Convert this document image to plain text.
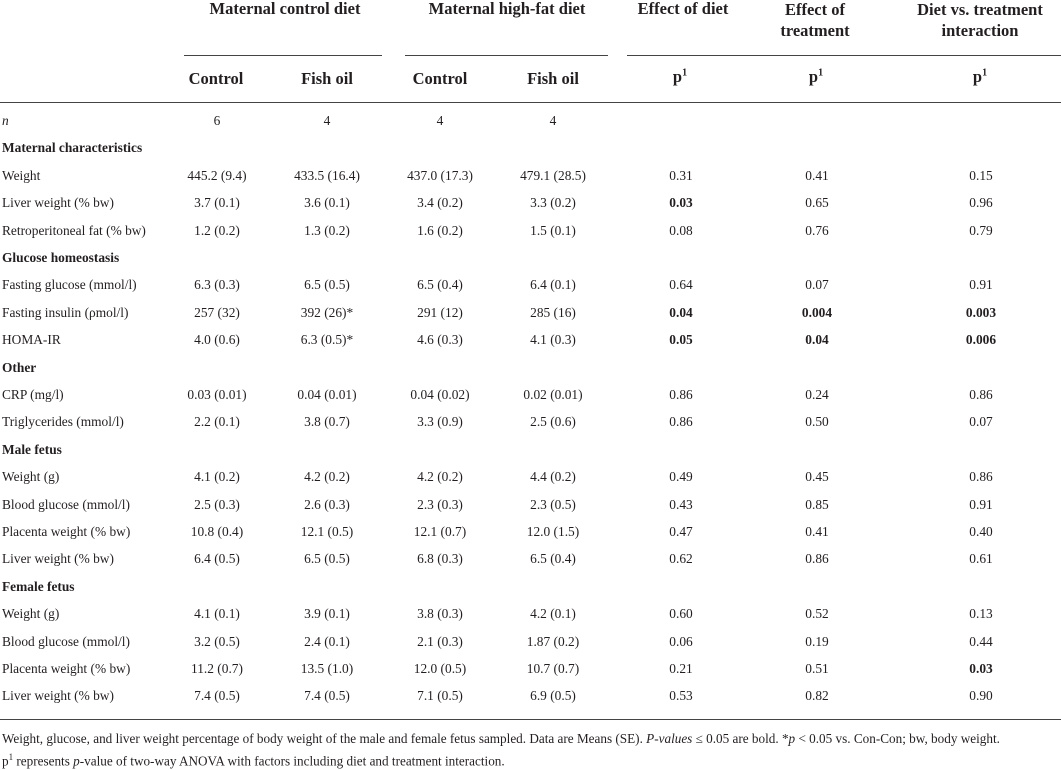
Maternal control diet	Maternal high-fat diet	Effect of diet	Effect of treatment
Diet vs. treatment interaction
Control	Fish oil	Control	Fish oil	$p^1$	$p^1$	$p^1$
n	6	4	4	4
Maternal characteristics
Weight	445.2 (9.4)	433.5 (16.4)	437.0 (17.3)	479.1 (28.5)	0.31	0.41	0.15
Liver weight (% bw)	3.7 (0.1)	3.6 (0.1)	3.4 (0.2)	3.3 (0.2)	0.03	0.65	0.96
Retroperitoneal fat (% bw)	1.2 (0.2)	1.3 (0.2)	1.6 (0.2)	1.5 (0.1)	0.08	0.76	0.79
Glucose homeostasis
Fasting glucose (mmol/l)	6.3 (0.3)	6.5 (0.5)	6.5 (0.4)	6.4 (0.1)	0.64	0.07	0.91
Fasting insulin (ρmol/l)	257 (32)	392 (26)*	291 (12)	285 (16)	0.04	0.004	0.003
HOMA-IR	4.0 (0.6)	6.3 (0.5)*	4.6 (0.3)	4.1 (0.3)	0.05	0.04	0.006
Other
CRP (mg/l)	0.03 (0.01)	0.04 (0.01)	0.04 (0.02)	0.02 (0.01)	0.86	0.24	0.86
Triglycerides (mmol/l)	2.2 (0.1)	3.8 (0.7)	3.3 (0.9)	2.5 (0.6)	0.86	0.50	0.07
Male fetus
Weight (g)	4.1 (0.2)	4.2 (0.2)	4.2 (0.2)	4.4 (0.2)	0.49	0.45	0.86
Blood glucose (mmol/l)	2.5 (0.3)	2.6 (0.3)	2.3 (0.3)	2.3 (0.5)	0.43	0.85	0.91
Placenta weight (% bw)	10.8 (0.4)	12.1 (0.5)	12.1 (0.7)	12.0 (1.5)	0.47	0.41	0.40
Liver weight (% bw)	6.4 (0.5)	6.5 (0.5)	6.8 (0.3)	6.5 (0.4)	0.62	0.86	0.61
Female fetus
Weight (g)	4.1 (0.1)	3.9 (0.1)	3.8 (0.3)	4.2 (0.1)	0.60	0.52	0.13
Blood glucose (mmol/l)	3.2 (0.5)	2.4 (0.1)	2.1 (0.3)	1.87 (0.2)	0.06	0.19	0.44
Placenta weight (% bw)	11.2 (0.7)	13.5 (1.0)	12.0 (0.5)	10.7 (0.7)	0.21	0.51	0.03
Liver weight (% bw)	7.4 (0.5)	7.4 (0.5)	7.1 (0.5)	6.9 (0.5)	0.53	0.82	0.90

Weight, glucose, and liver weight percentage of body weight of the male and female fetus sampled. Data are Means (SE). P-values ≤ 0.05 are bold. *p < 0.05 vs. Con-Con; bw, body weight.

$p^1$ represents p-value of two-way ANOVA with factors including diet and treatment interaction.
